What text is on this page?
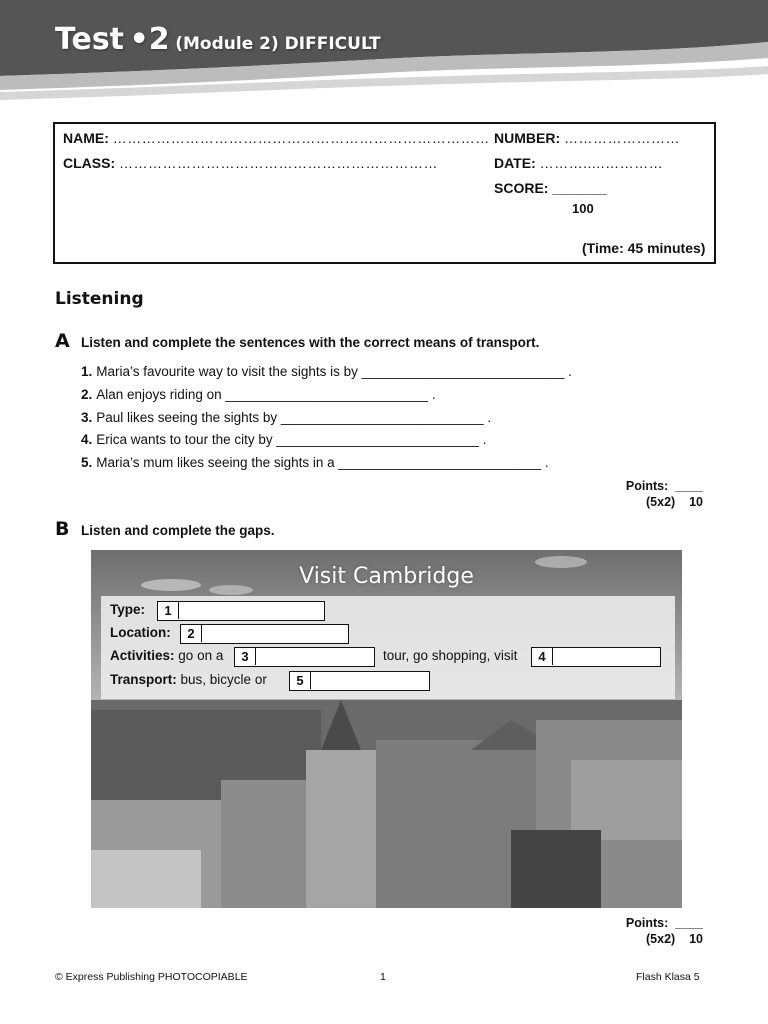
Test •2 (Module 2) DIFFICULT
NAME: ……………………………………………………………………
CLASS: …………………………………………………………
NUMBER: ……………………
DATE: ……….....…………
SCORE: _______
100
(Time: 45 minutes)
Listening
A Listen and complete the sentences with the correct means of transport.
1. Maria’s favourite way to visit the sights is by ___________________________ .
2. Alan enjoys riding on ___________________________ .
3. Paul likes seeing the sights by ___________________________ .
4. Erica wants to tour the city by ___________________________ .
5. Maria’s mum likes seeing the sights in a ___________________________ .
Points: ____
(5x2) 10
B Listen and complete the gaps.
Visit Cambridge
Type:	1
Location:	2
Activities: go on a	3	tour, go shopping, visit	4
Transport: bus, bicycle or	5
Points: ____
(5x2) 10
© Express Publishing PHOTOCOPIABLE	1	Flash Klasa 5
